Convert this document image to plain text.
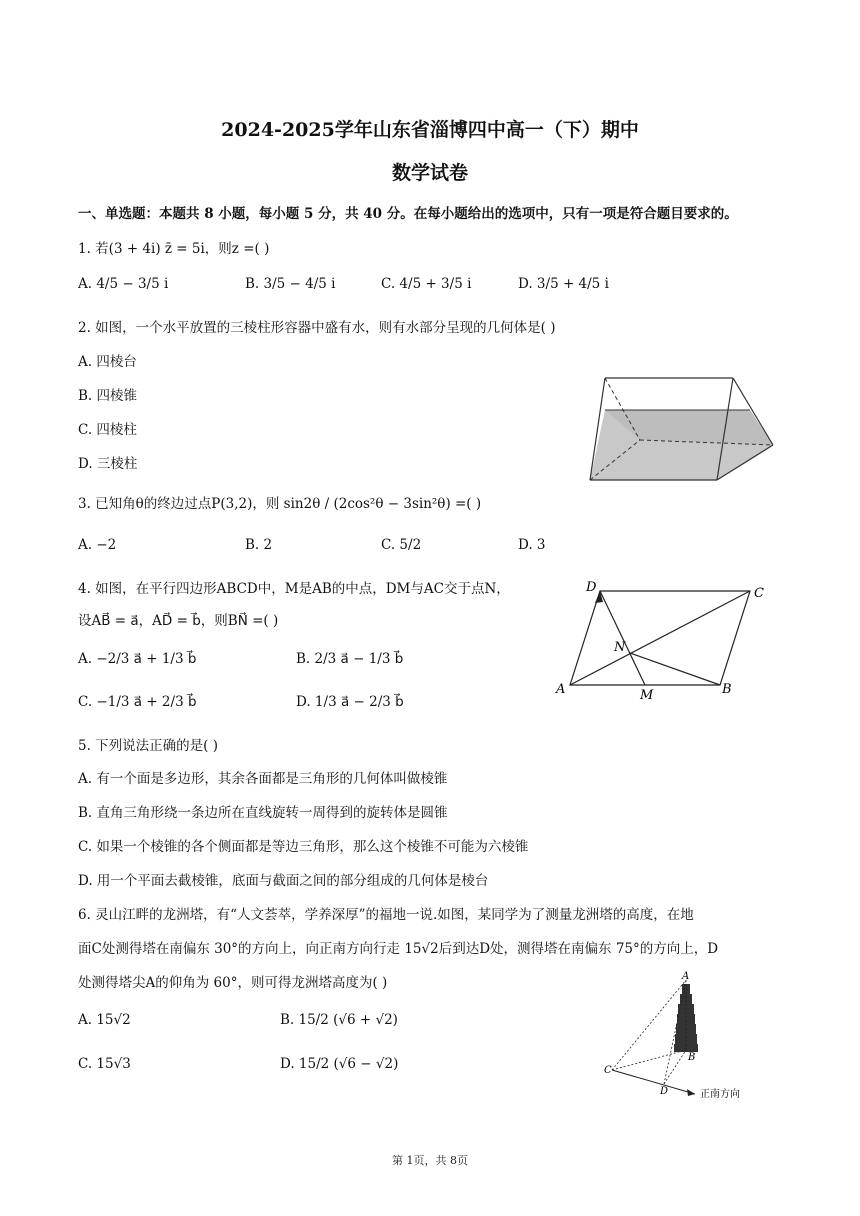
2024-2025学年山东省淄博四中高一（下）期中
数学试卷
一、单选题：本题共 8 小题，每小题 5 分，共 40 分。在每小题给出的选项中，只有一项是符合题目要求的。
1. 若(3 + 4i) z̄ = 5i，则z =( )
A. 4/5 − 3/5 i	B. 3/5 − 4/5 i	C. 4/5 + 3/5 i	D. 3/5 + 4/5 i
2. 如图，一个水平放置的三棱柱形容器中盛有水，则有水部分呈现的几何体是( )
A. 四棱台
B. 四棱锥
C. 四棱柱
D. 三棱柱
3. 已知角θ的终边过点P(3,2)，则 sin2θ / (2cos²θ − 3sin²θ) =( )
A. −2	B. 2	C. 5/2	D. 3
4. 如图，在平行四边形ABCD中，M是AB的中点，DM与AC交于点N，
设AB⃗ = a⃗，AD⃗ = b⃗，则BN⃗ =( )
A. −2/3 a⃗ + 1/3 b⃗	B. 2/3 a⃗ − 1/3 b⃗
C. −1/3 a⃗ + 2/3 b⃗	D. 1/3 a⃗ − 2/3 b⃗
A	B
C
D
M
N
5. 下列说法正确的是( )
A. 有一个面是多边形，其余各面都是三角形的几何体叫做棱锥
B. 直角三角形绕一条边所在直线旋转一周得到的旋转体是圆锥
C. 如果一个棱锥的各个侧面都是等边三角形，那么这个棱锥不可能为六棱锥
D. 用一个平面去截棱锥，底面与截面之间的部分组成的几何体是棱台
6. 灵山江畔的龙洲塔，有“人文荟萃，学养深厚”的福地一说.如图，某同学为了测量龙洲塔的高度，在地
面C处测得塔在南偏东 30°的方向上，向正南方向行走 15√2后到达D处，测得塔在南偏东 75°的方向上，D
处测得塔尖A的仰角为 60°，则可得龙洲塔高度为( )
A. 15√2	B. 15/2 (√6 + √2)
C. 15√3	D. 15/2 (√6 − √2)
A
B
C
D	正南方向
第 1页，共 8页
